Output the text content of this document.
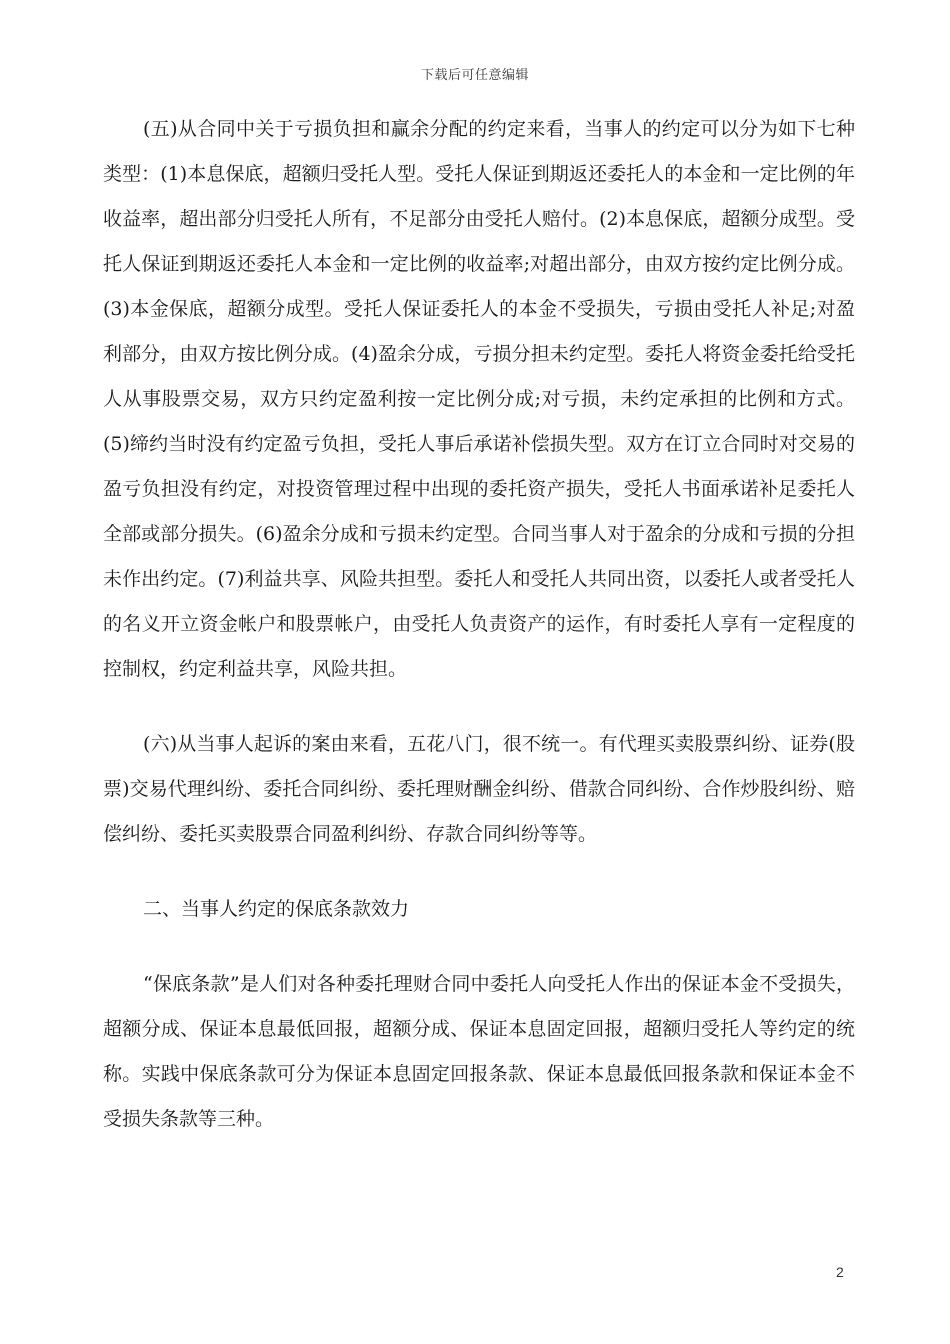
下载后可任意编辑

(五)从合同中关于亏损负担和赢余分配的约定来看，当事人的约定可以分为如下七种类型：(1)本息保底，超额归受托人型。受托人保证到期返还委托人的本金和一定比例的年收益率，超出部分归受托人所有，不足部分由受托人赔付。(2)本息保底，超额分成型。受托人保证到期返还委托人本金和一定比例的收益率;对超出部分，由双方按约定比例分成。(3)本金保底，超额分成型。受托人保证委托人的本金不受损失，亏损由受托人补足;对盈利部分，由双方按比例分成。(4)盈余分成，亏损分担未约定型。委托人将资金委托给受托人从事股票交易，双方只约定盈利按一定比例分成;对亏损，未约定承担的比例和方式。(5)缔约当时没有约定盈亏负担，受托人事后承诺补偿损失型。双方在订立合同时对交易的盈亏负担没有约定，对投资管理过程中出现的委托资产损失，受托人书面承诺补足委托人全部或部分损失。(6)盈余分成和亏损未约定型。合同当事人对于盈余的分成和亏损的分担未作出约定。(7)利益共享、风险共担型。委托人和受托人共同出资，以委托人或者受托人的名义开立资金帐户和股票帐户，由受托人负责资产的运作，有时委托人享有一定程度的控制权，约定利益共享，风险共担。

(六)从当事人起诉的案由来看，五花八门，很不统一。有代理买卖股票纠纷、证券(股票)交易代理纠纷、委托合同纠纷、委托理财酬金纠纷、借款合同纠纷、合作炒股纠纷、赔偿纠纷、委托买卖股票合同盈利纠纷、存款合同纠纷等等。

二、当事人约定的保底条款效力

“保底条款”是人们对各种委托理财合同中委托人向受托人作出的保证本金不受损失，超额分成、保证本息最低回报，超额分成、保证本息固定回报，超额归受托人等约定的统称。实践中保底条款可分为保证本息固定回报条款、保证本息最低回报条款和保证本金不受损失条款等三种。

2
